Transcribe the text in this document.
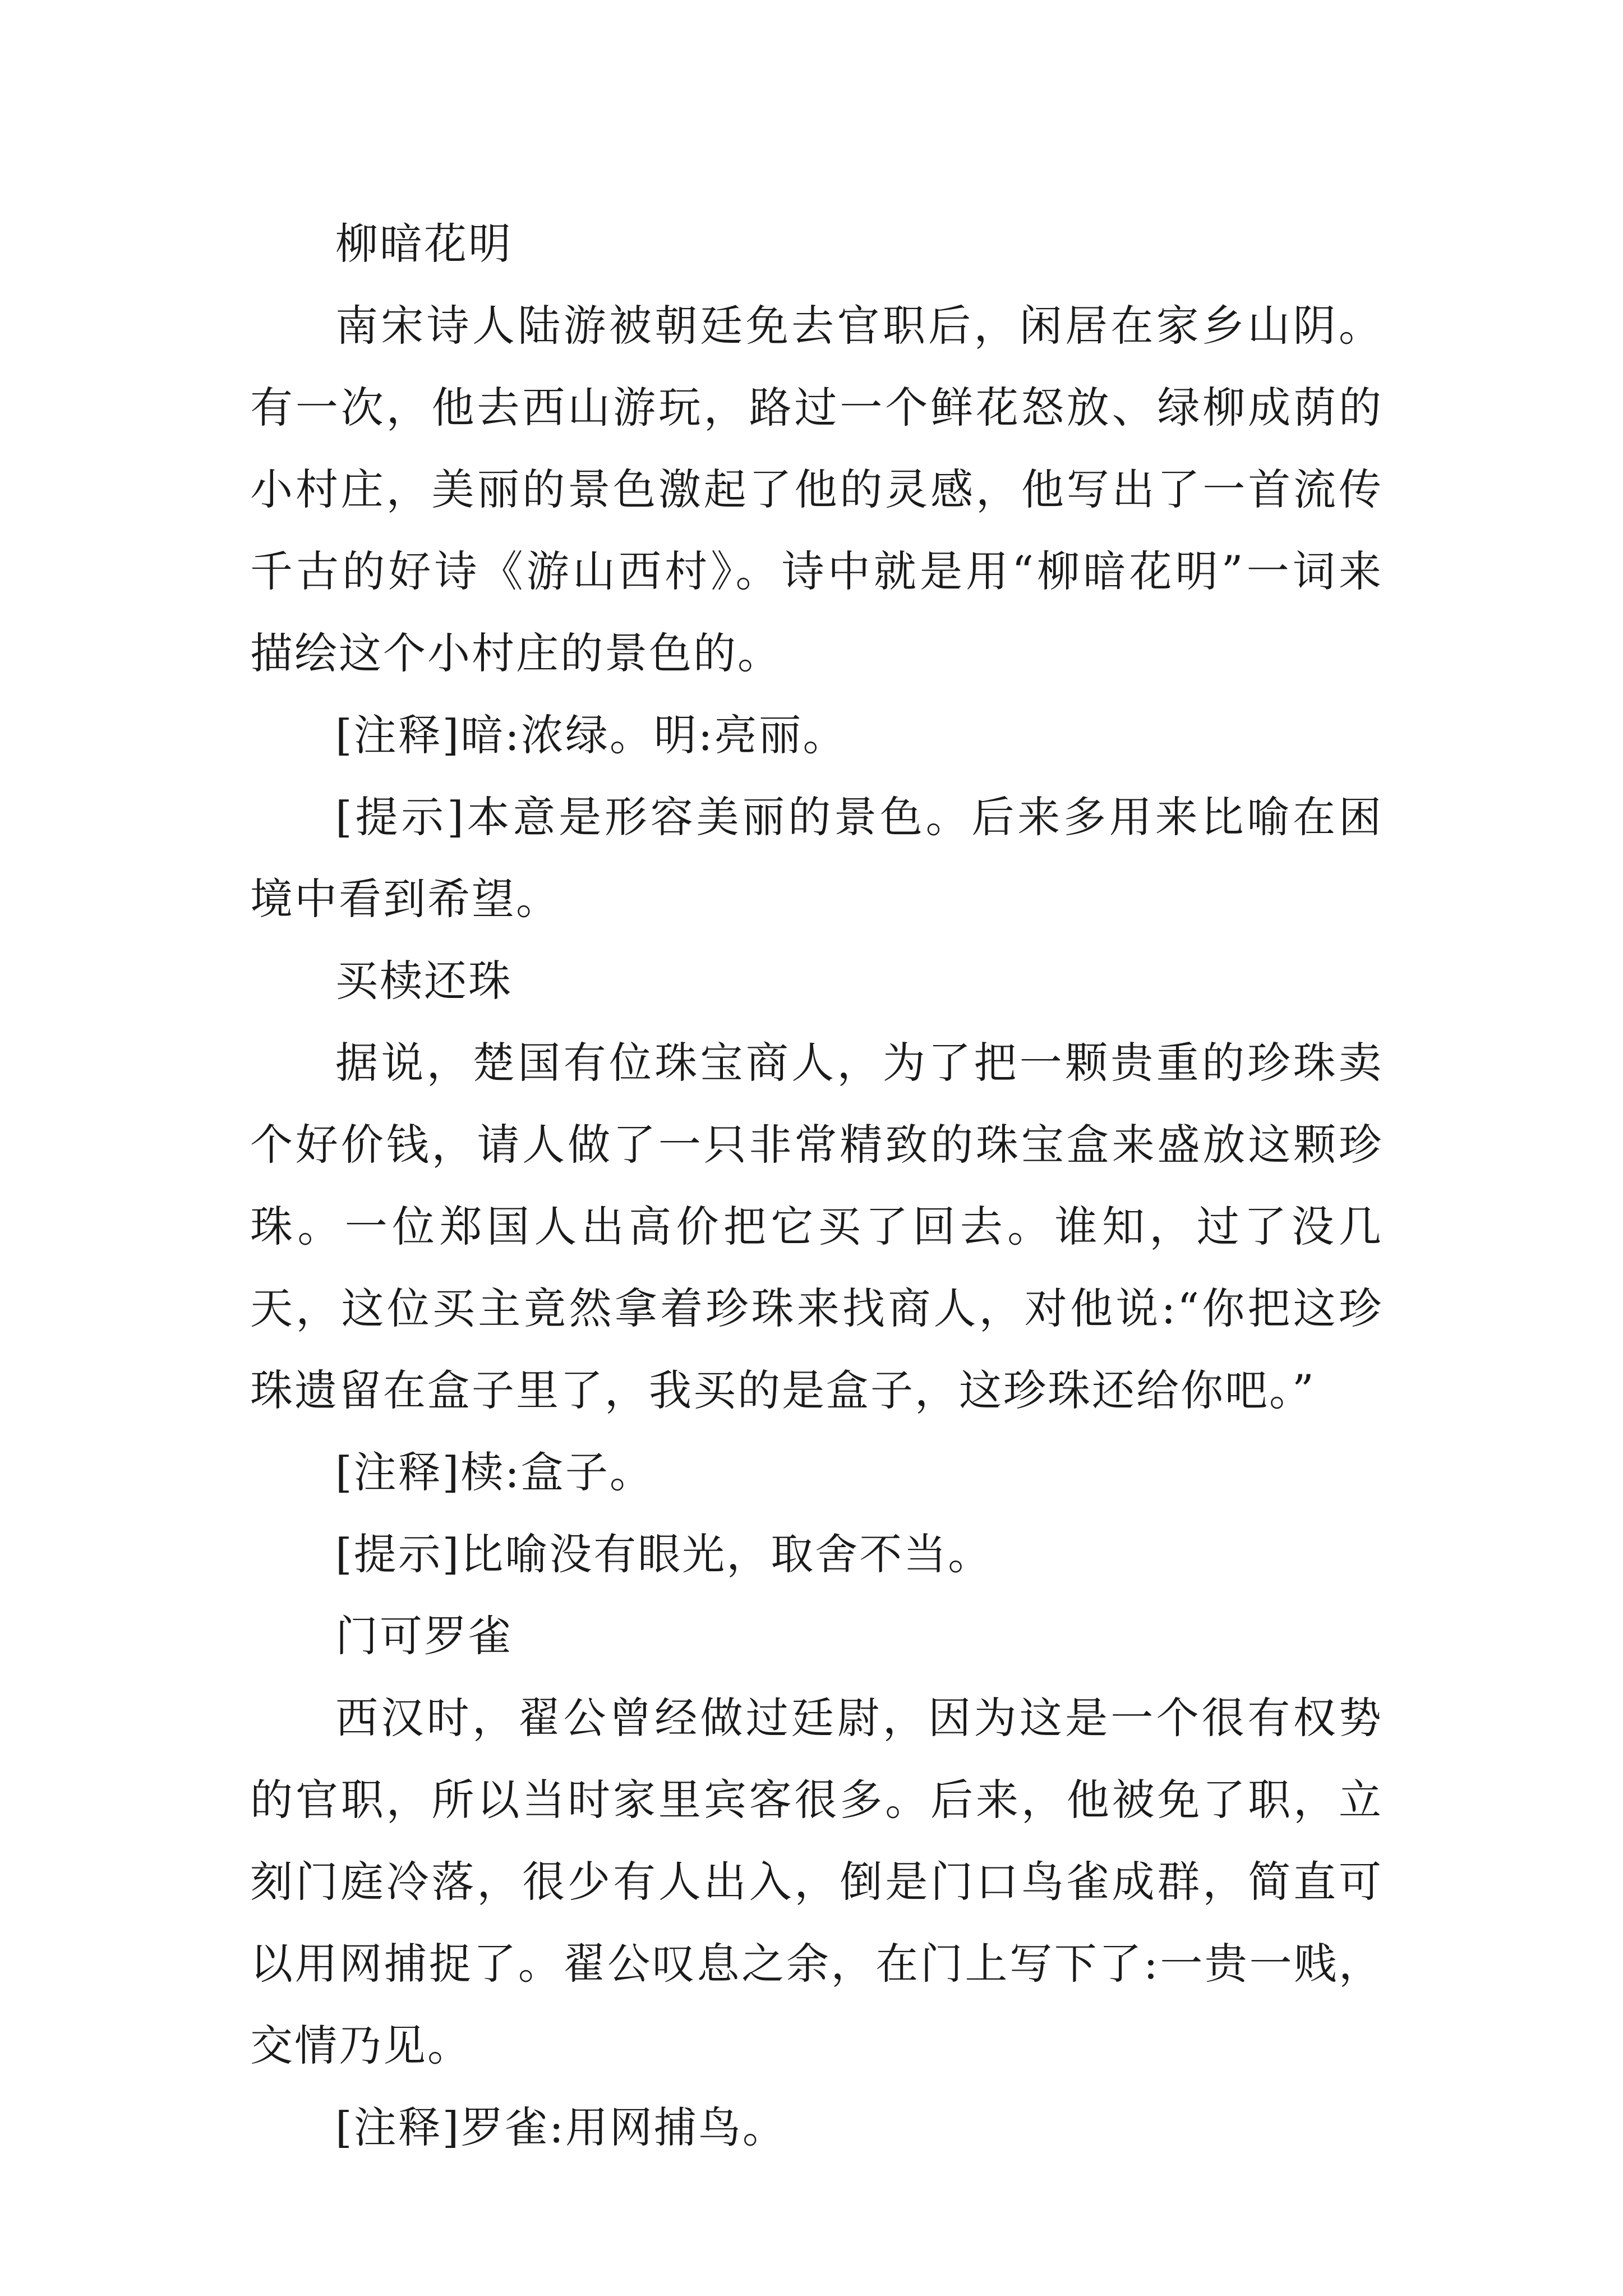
柳暗花明

南宋诗人陆游被朝廷免去官职后，闲居在家乡山阴。有一次，他去西山游玩，路过一个鲜花怒放、绿柳成荫的小村庄，美丽的景色激起了他的灵感，他写出了一首流传千古的好诗《游山西村》。诗中就是用“柳暗花明”一词来描绘这个小村庄的景色的。

[注释]暗:浓绿。明:亮丽。

[提示]本意是形容美丽的景色。后来多用来比喻在困境中看到希望。

买椟还珠

据说，楚国有位珠宝商人，为了把一颗贵重的珍珠卖个好价钱，请人做了一只非常精致的珠宝盒来盛放这颗珍珠。一位郑国人出高价把它买了回去。谁知，过了没几天，这位买主竟然拿着珍珠来找商人，对他说:“你把这珍珠遗留在盒子里了，我买的是盒子，这珍珠还给你吧。”

[注释]椟:盒子。

[提示]比喻没有眼光，取舍不当。

门可罗雀

西汉时，翟公曾经做过廷尉，因为这是一个很有权势的官职，所以当时家里宾客很多。后来，他被免了职，立刻门庭冷落，很少有人出入，倒是门口鸟雀成群，简直可以用网捕捉了。翟公叹息之余，在门上写下了:一贵一贱，交情乃见。

[注释]罗雀:用网捕鸟。
